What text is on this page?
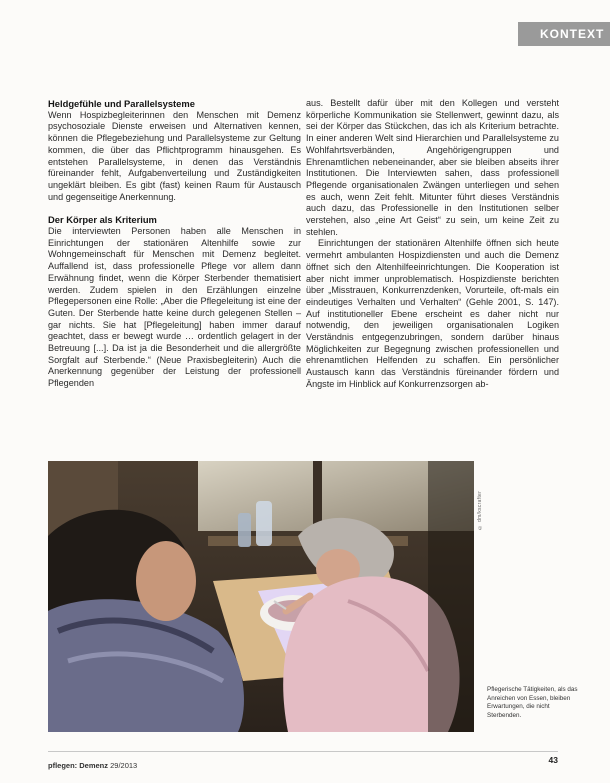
KONTEXT
Heldgefühle und Parallelsysteme

Wenn Hospizbegleiterinnen den Menschen mit Demenz psychosoziale Dienste erweisen und Alternativen kennen, können die Pflegebeziehung und Parallelsysteme zur Geltung kommen, die über das Pflichtprogramm hinausgehen. Es entstehen Parallelsysteme, in denen das Verständnis füreinander fehlt, Aufgabenverteilung und Zuständigkeiten ungeklärt bleiben. Es gibt (fast) keinen Raum für Austausch und gegenseitige Anerkennung.

Der Körper als Kriterium

Die interviewten Personen haben alle Menschen in Einrichtungen der stationären Altenhilfe sowie zur Wohngemeinschaft für Menschen mit Demenz begleitet. Auffallend ist, dass professionelle Pflege vor allem dann Erwähnung findet, wenn die Körper Sterbender thematisiert werden. Zudem spielen in den Erzählungen einzelne Pflegepersonen eine Rolle: „Aber die Pflegeleitung ist eine der Guten. Der Sterbende hatte keine durch gelegenen Stellen – gar nichts. Sie hat [Pflegeleitung] haben immer darauf geachtet, dass er bewegt wurde … ordentlich gelagert in der Betreuung [...]. Da ist ja die Besonderheit und die allergrößte Sorgfalt auf Sterbende.“ (Neue Praxisbegleiterin) Auch die Anerkennung gegenüber der Leistung der professionell Pflegenden

aus. Bestellt dafür über mit den Kollegen und versteht körperliche Kommunikation sie Stellenwert, gewinnt dazu, als sei der Körper das Stückchen, das ich als Kriterium betrachte. In einer anderen Welt sind Hierarchien und Parallelsysteme zu Wohlfahrtsverbänden, Angehörigengruppen und Ehrenamtlichen nebeneinander, aber sie bleiben abseits ihrer Institutionen. Die Interviewten sahen, dass professionell Pflegende organisationalen Zwängen unterliegen und sehen es auch, wenn Zeit fehlt. Mitunter führt dieses Verständnis auch dazu, das Professionelle in den Institutionen selber verstehen, also „eine Art Geist“ zu sein, um keine Zeit zu stehlen.

Einrichtungen der stationären Altenhilfe öffnen sich heute vermehrt ambulanten Hospizdiensten und auch die Demenz öffnet sich den Altenhilfeeinrichtungen. Die Kooperation ist aber nicht immer unproblematisch. Hospizdienste berichten über „Misstrauen, Konkurrenzdenken, Vorurteile, oft-mals ein eindeutiges Verhalten und Verhalten“ (Gehle 2001, S. 147). Auf institutioneller Ebene erscheint es daher nicht nur notwendig, den jeweiligen organisationalen Logiken Verständnis entgegenzubringen, sondern darüber hinaus Möglichkeiten zur Begegnung zwischen professionellen und ehrenamtlichen Helfenden zu schaffen. Ein persönlicher Austausch kann das Verständnis füreinander fördern und Ängste im Hinblick auf Konkurrenzsorgen ab-

© dm/kscrafter
Pflegerische Tätigkeiten, als das Anreichen von Essen, bleiben Erwartungen, die nicht Sterbenden.
pflegen: Demenz 29/2013
43
